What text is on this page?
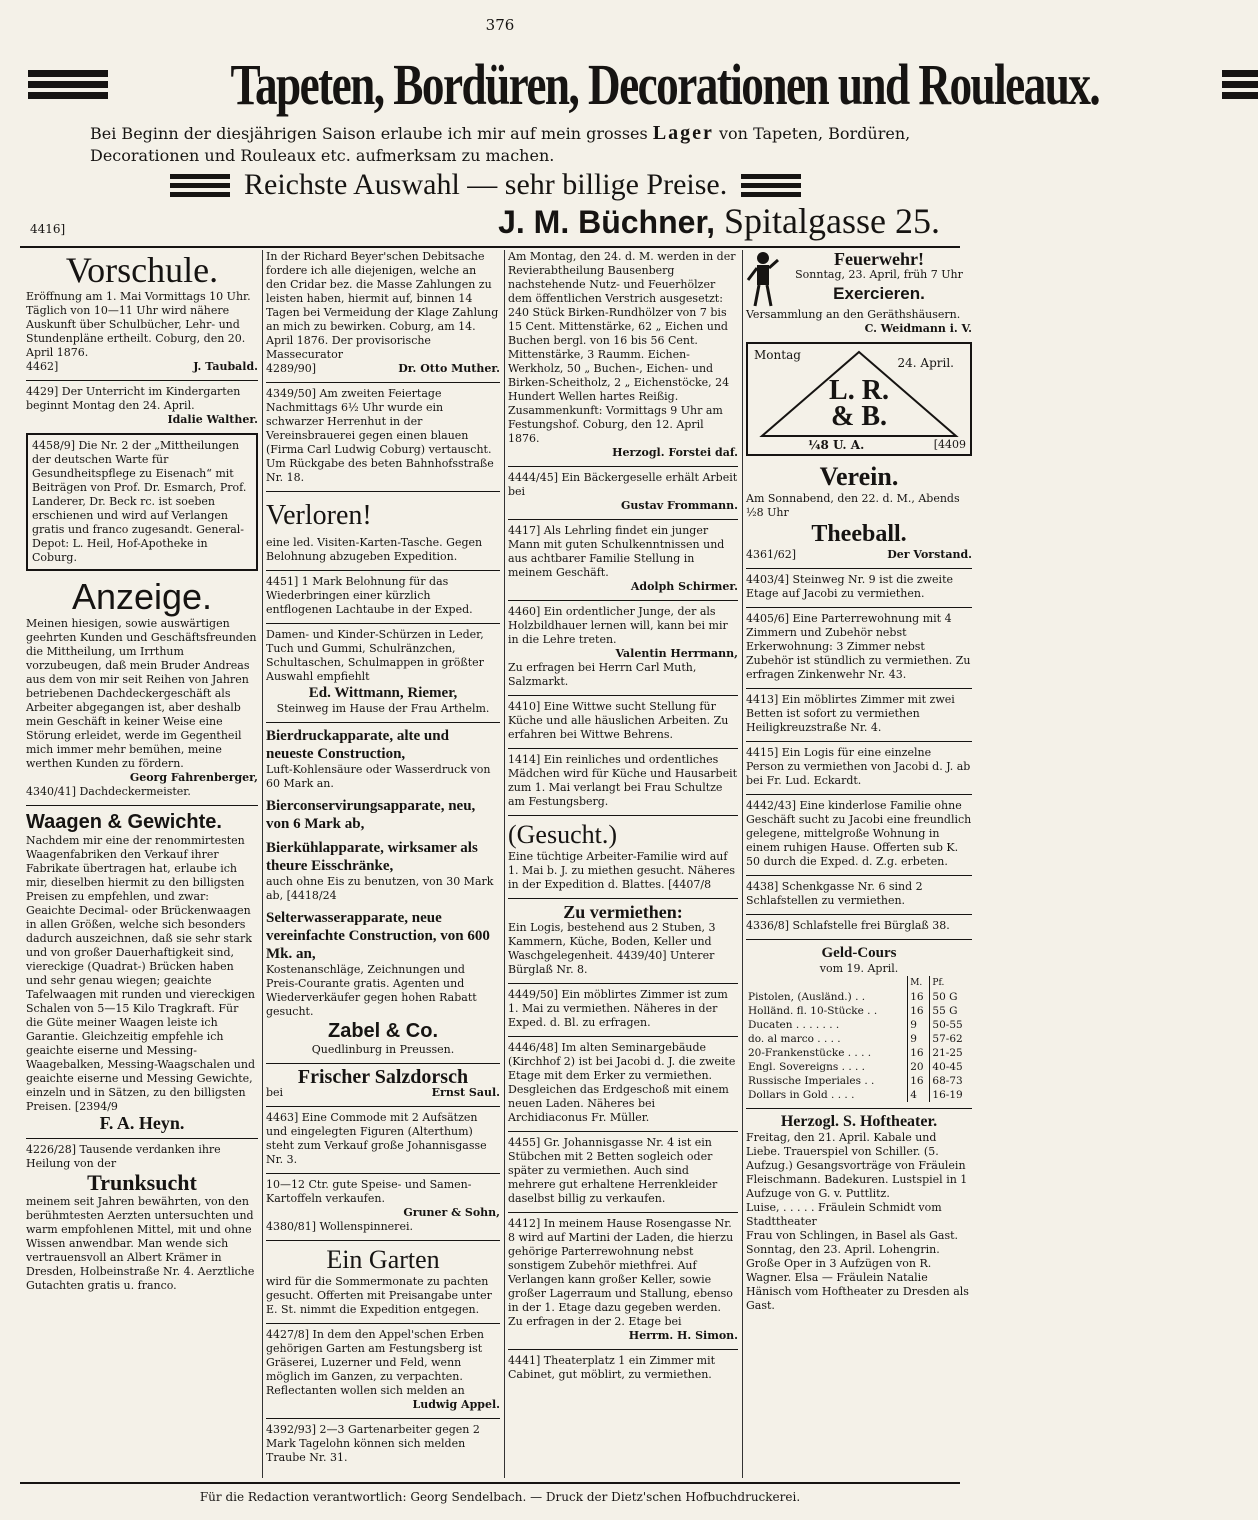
376
Tapeten, Bordüren, Decorationen und Rouleaux.
Bei Beginn der diesjährigen Saison erlaube ich mir auf mein grosses Lager von Tapeten, Bordüren, Decorationen und Rouleaux etc. aufmerksam zu machen.
Reichste Auswahl — sehr billige Preise.
4416]	J. M. Büchner, Spitalgasse 25.
Vorschule.
Eröffnung am 1. Mai Vormittags 10 Uhr. Täglich von 10—11 Uhr wird nähere Auskunft über Schulbücher, Lehr- und Stundenpläne ertheilt. Coburg, den 20. April 1876.
4462]	J. Taubald.
4429] Der Unterricht im Kindergarten beginnt Montag den 24. April.
Idalie Walther.
4458/9] Die Nr. 2 der „Mittheilungen der deutschen Warte für Gesundheitspflege zu Eisenach“ mit Beiträgen von Prof. Dr. Esmarch, Prof. Landerer, Dr. Beck rc. ist soeben erschienen und wird auf Verlangen gratis und franco zugesandt. General-Depot: L. Heil, Hof-Apotheke in Coburg.
Anzeige.
Meinen hiesigen, sowie auswärtigen geehrten Kunden und Geschäftsfreunden die Mittheilung, um Irrthum vorzubeugen, daß mein Bruder Andreas aus dem von mir seit Reihen von Jahren betriebenen Dachdeckergeschäft als Arbeiter abgegangen ist, aber deshalb mein Geschäft in keiner Weise eine Störung erleidet, werde im Gegentheil mich immer mehr bemühen, meine werthen Kunden zu fördern.
Georg Fahrenberger,
4340/41] Dachdeckermeister.
Waagen & Gewichte.
Nachdem mir eine der renommirtesten Waagenfabriken den Verkauf ihrer Fabrikate übertragen hat, erlaube ich mir, dieselben hiermit zu den billigsten Preisen zu empfehlen, und zwar: Geaichte Decimal- oder Brückenwaagen in allen Größen, welche sich besonders dadurch auszeichnen, daß sie sehr stark und von großer Dauerhaftigkeit sind, viereckige (Quadrat-) Brücken haben und sehr genau wiegen; geaichte Tafelwaagen mit runden und viereckigen Schalen von 5—15 Kilo Tragkraft. Für die Güte meiner Waagen leiste ich Garantie. Gleichzeitig empfehle ich geaichte eiserne und Messing-Waagebalken, Messing-Waagschalen und geaichte eiserne und Messing Gewichte, einzeln und in Sätzen, zu den billigsten Preisen. [2394/9
F. A. Heyn.
4226/28] Tausende verdanken ihre Heilung von der
Trunksucht
meinem seit Jahren bewährten, von den berühmtesten Aerzten untersuchten und warm empfohlenen Mittel, mit und ohne Wissen anwendbar. Man wende sich vertrauensvoll an Albert Krämer in Dresden, Holbeinstraße Nr. 4. Aerztliche Gutachten gratis u. franco.
In der Richard Beyer'schen Debitsache fordere ich alle diejenigen, welche an den Cridar bez. die Masse Zahlungen zu leisten haben, hiermit auf, binnen 14 Tagen bei Vermeidung der Klage Zahlung an mich zu bewirken. Coburg, am 14. April 1876. Der provisorische Massecurator
4289/90]	Dr. Otto Muther.
4349/50] Am zweiten Feiertage Nachmittags 6½ Uhr wurde ein schwarzer Herrenhut in der Vereinsbrauerei gegen einen blauen (Firma Carl Ludwig Coburg) vertauscht. Um Rückgabe des beten Bahnhofsstraße Nr. 18.
Verloren!
eine led. Visiten-Karten-Tasche. Gegen Belohnung abzugeben Expedition.
4451] 1 Mark Belohnung für das Wiederbringen einer kürzlich entflogenen Lachtaube in der Exped.
Damen- und Kinder-Schürzen in Leder, Tuch und Gummi, Schulränzchen, Schultaschen, Schulmappen in größter Auswahl empfiehlt
Ed. Wittmann, Riemer,
Steinweg im Hause der Frau Arthelm.
Bierdruckapparate, alte und neueste Construction,
Luft-Kohlensäure oder Wasserdruck von 60 Mark an.
Bierconservirungsapparate, neu, von 6 Mark ab,
Bierkühlapparate, wirksamer als theure Eisschränke,
auch ohne Eis zu benutzen, von 30 Mark ab, [4418/24
Selterwasserapparate, neue vereinfachte Construction, von 600 Mk. an,
Kostenanschläge, Zeichnungen und Preis-Courante gratis. Agenten und Wiederverkäufer gegen hohen Rabatt gesucht.
Zabel & Co.
Quedlinburg in Preussen.
Frischer Salzdorsch
bei	Ernst Saul.
4463] Eine Commode mit 2 Aufsätzen und eingelegten Figuren (Alterthum) steht zum Verkauf große Johannisgasse Nr. 3.
10—12 Ctr. gute Speise- und Samen-Kartoffeln verkaufen.
Gruner & Sohn,
4380/81] Wollenspinnerei.
Ein Garten
wird für die Sommermonate zu pachten gesucht. Offerten mit Preisangabe unter E. St. nimmt die Expedition entgegen.
4427/8] In dem den Appel'schen Erben gehörigen Garten am Festungsberg ist Gräserei, Luzerner und Feld, wenn möglich im Ganzen, zu verpachten. Reflectanten wollen sich melden an
Ludwig Appel.
4392/93] 2—3 Gartenarbeiter gegen 2 Mark Tagelohn können sich melden Traube Nr. 31.
Am Montag, den 24. d. M. werden in der Revierabtheilung Bausenberg nachstehende Nutz- und Feuerhölzer dem öffentlichen Verstrich ausgesetzt: 240 Stück Birken-Rundhölzer von 7 bis 15 Cent. Mittenstärke, 62 „ Eichen und Buchen bergl. von 16 bis 56 Cent. Mittenstärke, 3 Raumm. Eichen-Werkholz, 50 „ Buchen-, Eichen- und Birken-Scheitholz, 2 „ Eichenstöcke, 24 Hundert Wellen hartes Reißig. Zusammenkunft: Vormittags 9 Uhr am Festungshof. Coburg, den 12. April 1876.
Herzogl. Forstei daf.
4444/45] Ein Bäckergeselle erhält Arbeit bei
Gustav Frommann.
4417] Als Lehrling findet ein junger Mann mit guten Schulkenntnissen und aus achtbarer Familie Stellung in meinem Geschäft.
Adolph Schirmer.
4460] Ein ordentlicher Junge, der als Holzbildhauer lernen will, kann bei mir in die Lehre treten.
Valentin Herrmann,
Zu erfragen bei Herrn Carl Muth, Salzmarkt.
4410] Eine Wittwe sucht Stellung für Küche und alle häuslichen Arbeiten. Zu erfahren bei Wittwe Behrens.
1414] Ein reinliches und ordentliches Mädchen wird für Küche und Hausarbeit zum 1. Mai verlangt bei Frau Schultze am Festungsberg.
(Gesucht.)
Eine tüchtige Arbeiter-Familie wird auf 1. Mai b. J. zu miethen gesucht. Näheres in der Expedition d. Blattes. [4407/8
Zu vermiethen:
Ein Logis, bestehend aus 2 Stuben, 3 Kammern, Küche, Boden, Keller und Waschgelegenheit. 4439/40] Unterer Bürglaß Nr. 8.
4449/50] Ein möblirtes Zimmer ist zum 1. Mai zu vermiethen. Näheres in der Exped. d. Bl. zu erfragen.
4446/48] Im alten Seminargebäude (Kirchhof 2) ist bei Jacobi d. J. die zweite Etage mit dem Erker zu vermiethen. Desgleichen das Erdgeschoß mit einem neuen Laden. Näheres bei Archidiaconus Fr. Müller.
4455] Gr. Johannisgasse Nr. 4 ist ein Stübchen mit 2 Betten sogleich oder später zu vermiethen. Auch sind mehrere gut erhaltene Herrenkleider daselbst billig zu verkaufen.
4412] In meinem Hause Rosengasse Nr. 8 wird auf Martini der Laden, die hierzu gehörige Parterrewohnung nebst sonstigem Zubehör miethfrei. Auf Verlangen kann großer Keller, sowie großer Lagerraum und Stallung, ebenso in der 1. Etage dazu gegeben werden. Zu erfragen in der 2. Etage bei
Herrm. H. Simon.
4441] Theaterplatz 1 ein Zimmer mit Cabinet, gut möblirt, zu vermiethen.
Feuerwehr!
Sonntag, 23. April, früh 7 Uhr
Exercieren.
Versammlung an den Geräthshäusern.
C. Weidmann i. V.
Montag
24. April.
L. R.
& B.
¼8 U. A.	[4409
Verein.
Am Sonnabend, den 22. d. M., Abends ½8 Uhr
Theeball.
4361/62]	Der Vorstand.
4403/4] Steinweg Nr. 9 ist die zweite Etage auf Jacobi zu vermiethen.
4405/6] Eine Parterrewohnung mit 4 Zimmern und Zubehör nebst Erkerwohnung: 3 Zimmer nebst Zubehör ist stündlich zu vermiethen. Zu erfragen Zinkenwehr Nr. 43.
4413] Ein möblirtes Zimmer mit zwei Betten ist sofort zu vermiethen Heiligkreuzstraße Nr. 4.
4415] Ein Logis für eine einzelne Person zu vermiethen von Jacobi d. J. ab bei Fr. Lud. Eckardt.
4442/43] Eine kinderlose Familie ohne Geschäft sucht zu Jacobi eine freundlich gelegene, mittelgroße Wohnung in einem ruhigen Hause. Offerten sub K. 50 durch die Exped. d. Z.g. erbeten.
4438] Schenkgasse Nr. 6 sind 2 Schlafstellen zu vermiethen.
4336/8] Schlafstelle frei Bürglaß 38.
Geld-Cours
vom 19. April.
	M.	Pf.
Pistolen, (Ausländ.) . .	16	50 G
Holländ. fl. 10-Stücke . .	16	55 G
Ducaten . . . . . . .	9	50-55
do. al marco . . . .	9	57-62
20-Frankenstücke . . . .	16	21-25
Engl. Sovereigns . . . .	20	40-45
Russische Imperiales . .	16	68-73
Dollars in Gold . . . .	4	16-19
Herzogl. S. Hoftheater.
Freitag, den 21. April. Kabale und Liebe. Trauerspiel von Schiller. (5. Aufzug.) Gesangsvorträge von Fräulein Fleischmann. Badekuren. Lustspiel in 1 Aufzuge von G. v. Puttlitz.
Luise, . . . . . Fräulein Schmidt vom Stadttheater
Frau von Schlingen, in Basel als Gast.
Sonntag, den 23. April. Lohengrin. Große Oper in 3 Aufzügen von R. Wagner. Elsa — Fräulein Natalie Hänisch vom Hoftheater zu Dresden als Gast.
Für die Redaction verantwortlich: Georg Sendelbach. — Druck der Dietz'schen Hofbuchdruckerei.
